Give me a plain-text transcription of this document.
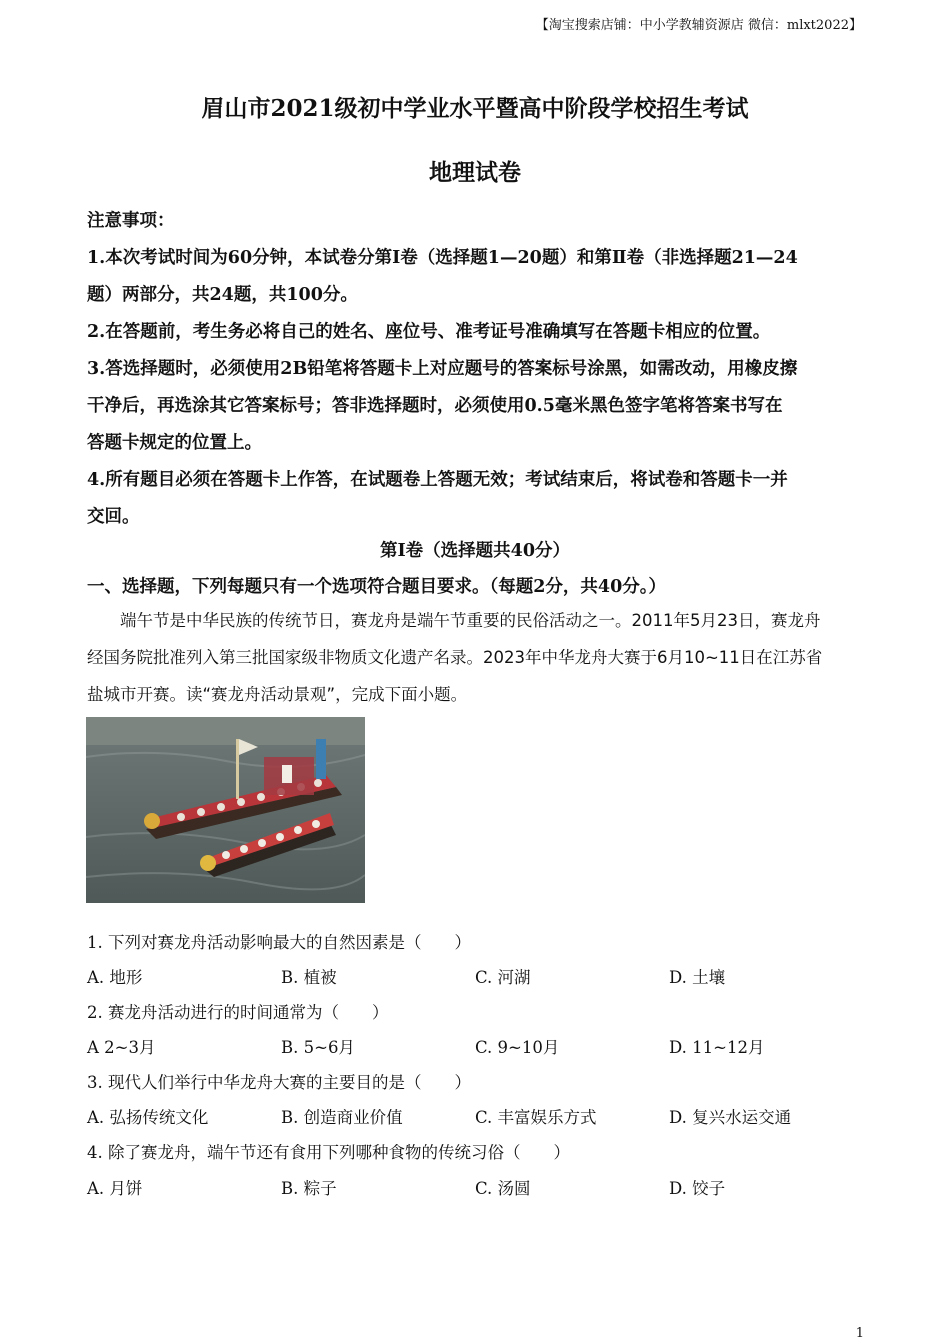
【淘宝搜索店铺：中小学教辅资源店 微信：mlxt2022】
眉山市2021级初中学业水平暨高中阶段学校招生考试
地理试卷
注意事项：
1.本次考试时间为60分钟，本试卷分第Ⅰ卷（选择题1—20题）和第Ⅱ卷（非选择题21—24
题）两部分，共24题，共100分。
2.在答题前，考生务必将自己的姓名、座位号、准考证号准确填写在答题卡相应的位置。
3.答选择题时，必须使用2B铅笔将答题卡上对应题号的答案标号涂黑，如需改动，用橡皮擦
干净后，再选涂其它答案标号；答非选择题时，必须使用0.5毫米黑色签字笔将答案书写在
答题卡规定的位置上。
4.所有题目必须在答题卡上作答，在试题卷上答题无效；考试结束后，将试卷和答题卡一并
交回。
第Ⅰ卷（选择题共40分）
一、选择题，下列每题只有一个选项符合题目要求。（每题2分，共40分。）
　　端午节是中华民族的传统节日，赛龙舟是端午节重要的民俗活动之一。2011年5月23日，赛龙舟
经国务院批准列入第三批国家级非物质文化遗产名录。2023年中华龙舟大赛于6月10~11日在江苏省
盐城市开赛。读“赛龙舟活动景观”，完成下面小题。
1. 下列对赛龙舟活动影响最大的自然因素是（　　）
A. 地形	B. 植被	C. 河湖	D. 土壤
2. 赛龙舟活动进行的时间通常为（　　）
A 2~3月	B. 5~6月	C. 9~10月	D. 11~12月
3. 现代人们举行中华龙舟大赛的主要目的是（　　）
A. 弘扬传统文化	B. 创造商业价值	C. 丰富娱乐方式	D. 复兴水运交通
4. 除了赛龙舟，端午节还有食用下列哪种食物的传统习俗（　　）
A. 月饼	B. 粽子	C. 汤圆	D. 饺子
1
